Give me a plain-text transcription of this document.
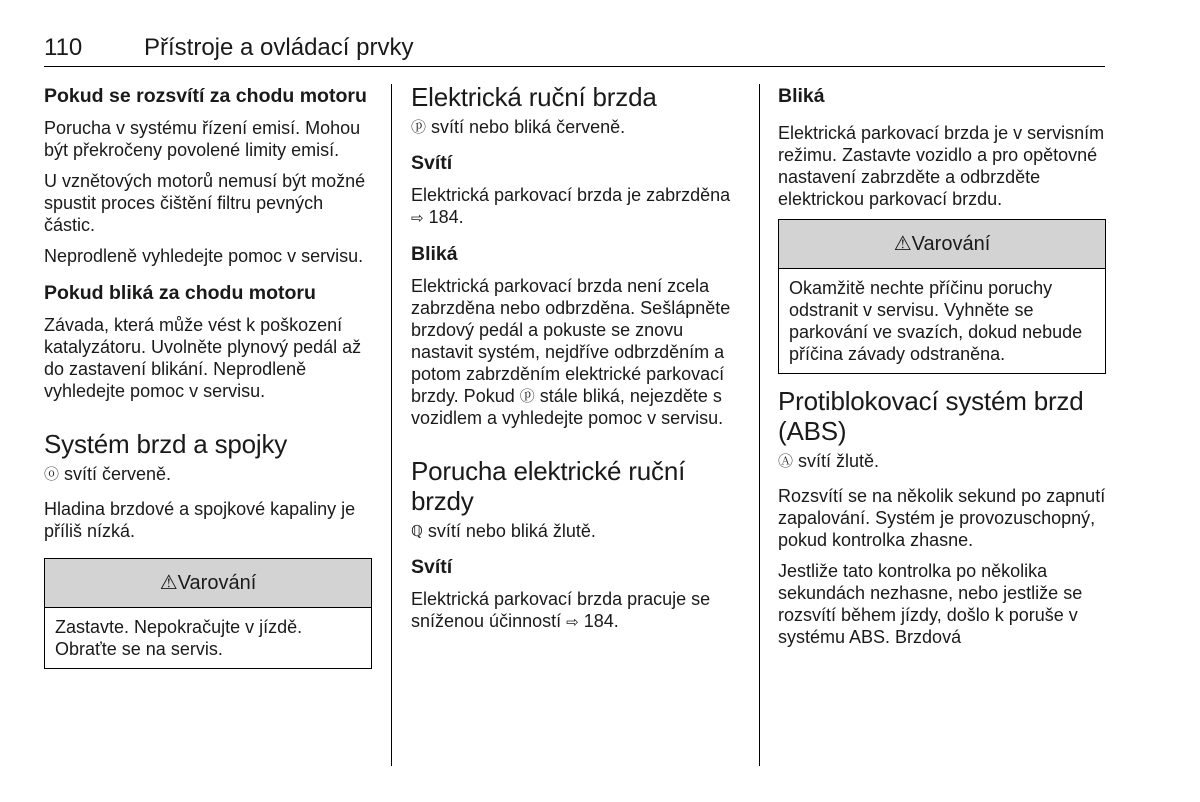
110	Přístroje a ovládací prvky
Pokud se rozsvítí za chodu motoru

Porucha v systému řízení emisí. Mohou být překročeny povolené limity emisí.

U vznětových motorů nemusí být možné spustit proces čištění filtru pevných částic.

Neprodleně vyhledejte pomoc v servisu.

Pokud bliká za chodu motoru

Závada, která může vést k poškození katalyzátoru. Uvolněte plynový pedál až do zastavení blikání. Neprodleně vyhledejte pomoc v servisu.

Systém brzd a spojky

ⓞ svítí červeně.

Hladina brzdové a spojkové kapaliny je příliš nízká.

⚠Varování
Zastavte. Nepokračujte v jízdě. Obraťte se na servis.
Elektrická ruční brzda

ⓟ svítí nebo bliká červeně.

Svítí

Elektrická parkovací brzda je zabrzděna ⇨ 184.

Bliká

Elektrická parkovací brzda není zcela zabrzděna nebo odbrzděna. Sešlápněte brzdový pedál a pokuste se znovu nastavit systém, nejdříve odbrzděním a potom zabrzděním elektrické parkovací brzdy. Pokud ⓟ stále bliká, nejezděte s vozidlem a vyhledejte pomoc v servisu.

Porucha elektrické ruční brzdy

ℚ svítí nebo bliká žlutě.

Svítí

Elektrická parkovací brzda pracuje se sníženou účinností ⇨ 184.

Bliká

Elektrická parkovací brzda je v servisním režimu. Zastavte vozidlo a pro opětovné nastavení zabrzděte a odbrzděte elektrickou parkovací brzdu.

⚠Varování
Okamžitě nechte příčinu poruchy odstranit v servisu. Vyhněte se parkování ve svazích, dokud nebude příčina závady odstraněna.
Protiblokovací systém brzd (ABS)

Ⓐ svítí žlutě.

Rozsvítí se na několik sekund po zapnutí zapalování. Systém je provozuschopný, pokud kontrolka zhasne.

Jestliže tato kontrolka po několika sekundách nezhasne, nebo jestliže se rozsvítí během jízdy, došlo k poruše v systému ABS. Brzdová
